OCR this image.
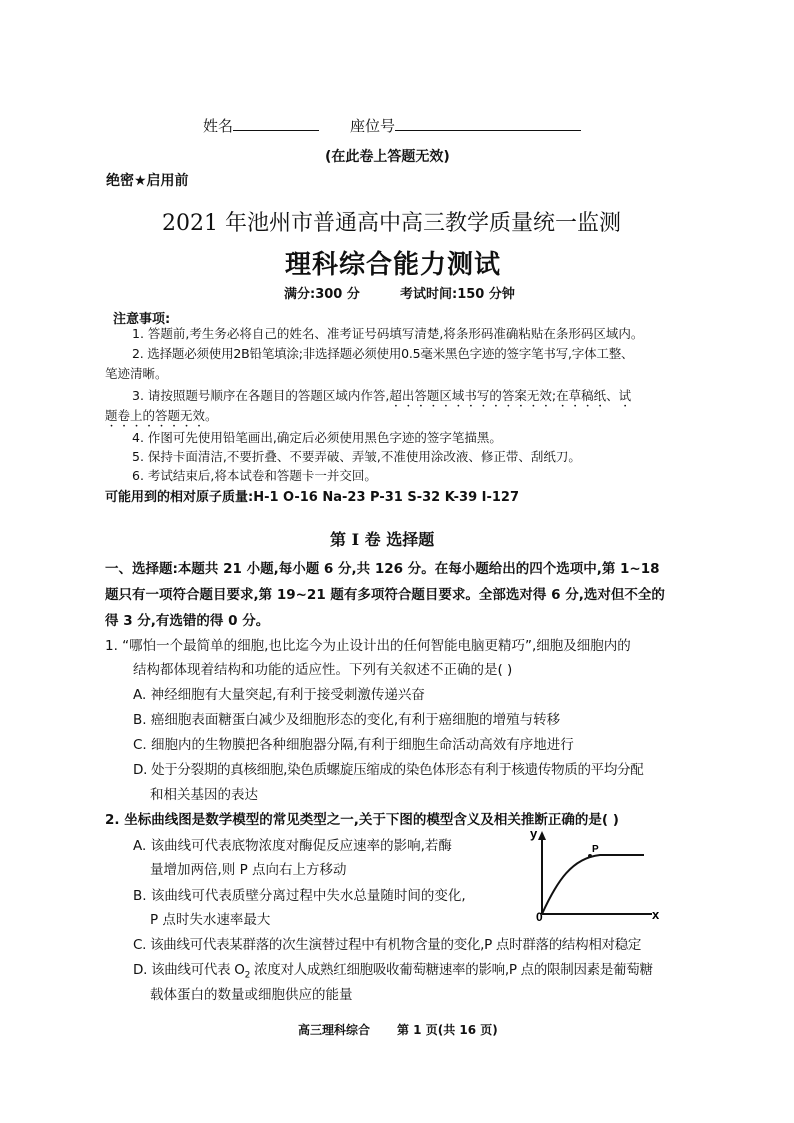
姓名	座位号
(在此卷上答题无效)
绝密★启用前
2021 年池州市普通高中高三教学质量统一监测
理科综合能力测试
满分:300 分	考试时间:150 分钟
注意事项:
1. 答题前,考生务必将自己的姓名、准考证号码填写清楚,将条形码准确粘贴在条形码区域内。
2. 选择题必须使用2B铅笔填涂;非选择题必须使用0.5毫米黑色字迹的签字笔书写,字体工整、
笔迹清晰。
3. 请按照题号顺序在各题目的答题区域内作答,超出答题区域书写的答案无效;在草稿纸、试
题卷上的答题无效。
4. 作图可先使用铅笔画出,确定后必须使用黑色字迹的签字笔描黑。
5. 保持卡面清洁,不要折叠、不要弄破、弄皱,不准使用涂改液、修正带、刮纸刀。
6. 考试结束后,将本试卷和答题卡一并交回。
可能用到的相对原子质量:H-1 O-16 Na-23 P-31 S-32 K-39 I-127
第 Ⅰ 卷 选择题
一、选择题:本题共 21 小题,每小题 6 分,共 126 分。在每小题给出的四个选项中,第 1~18
题只有一项符合题目要求,第 19~21 题有多项符合题目要求。全部选对得 6 分,选对但不全的
得 3 分,有选错的得 0 分。
1. “哪怕一个最简单的细胞,也比迄今为止设计出的任何智能电脑更精巧”,细胞及细胞内的
结构都体现着结构和功能的适应性。下列有关叙述不正确的是( )
A. 神经细胞有大量突起,有利于接受刺激传递兴奋
B. 癌细胞表面糖蛋白减少及细胞形态的变化,有利于癌细胞的增殖与转移
C. 细胞内的生物膜把各种细胞器分隔,有利于细胞生命活动高效有序地进行
D. 处于分裂期的真核细胞,染色质螺旋压缩成的染色体形态有利于核遗传物质的平均分配
和相关基因的表达
2. 坐标曲线图是数学模型的常见类型之一,关于下图的模型含义及相关推断正确的是( )
A. 该曲线可代表底物浓度对酶促反应速率的影响,若酶
量增加两倍,则 P 点向右上方移动
B. 该曲线可代表质壁分离过程中失水总量随时间的变化,
P 点时失水速率最大
C. 该曲线可代表某群落的次生演替过程中有机物含量的变化,P 点时群落的结构相对稳定
D. 该曲线可代表 $O_2$ 浓度对人成熟红细胞吸收葡萄糖速率的影响,P 点的限制因素是葡萄糖
载体蛋白的数量或细胞供应的能量
y
x
0
P
高三理科综合 第 1 页(共 16 页)
